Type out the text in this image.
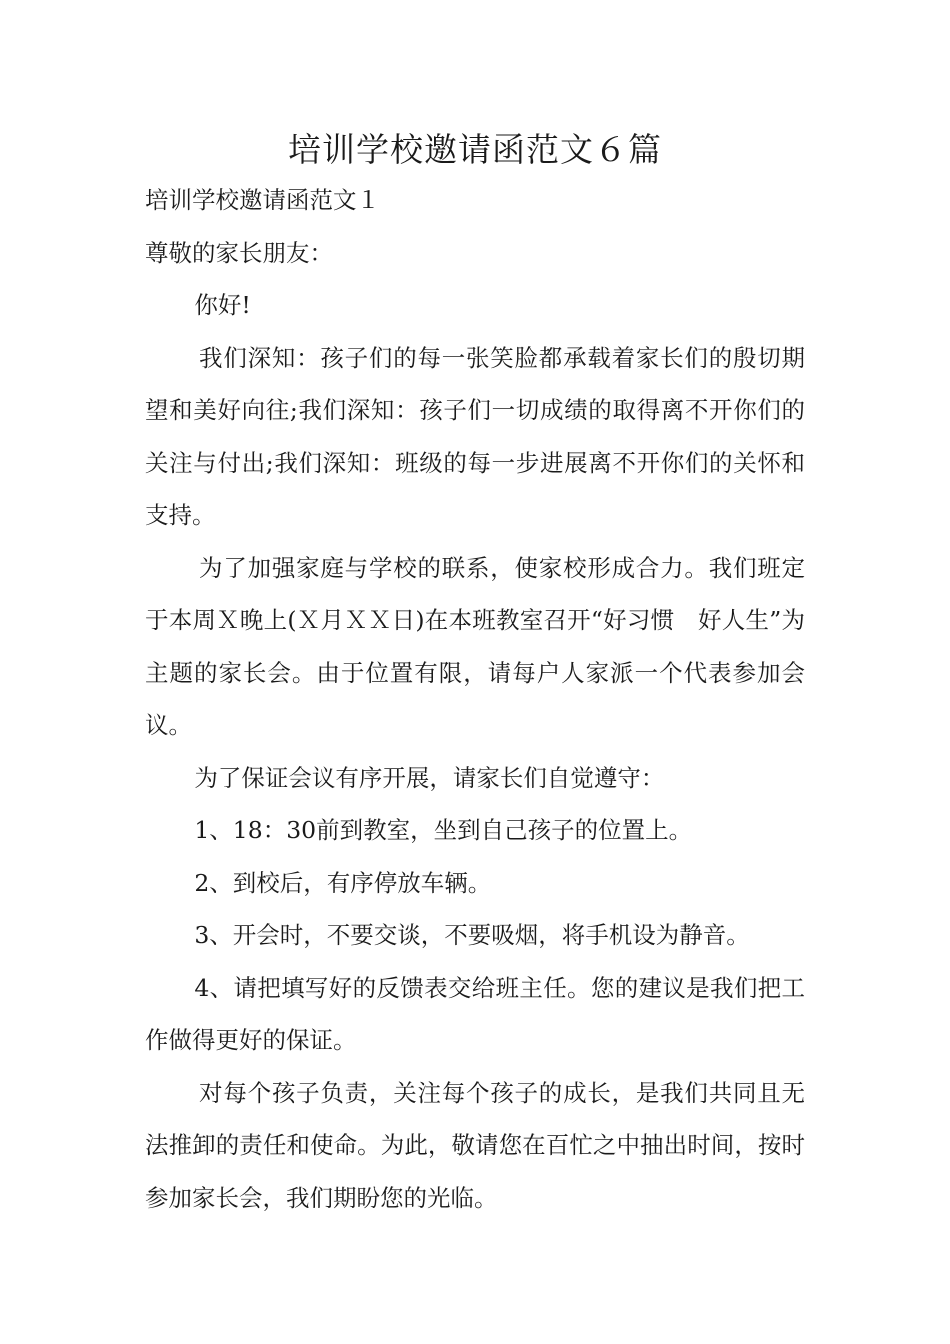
培训学校邀请函范文６篇

培训学校邀请函范文１

尊敬的家长朋友：

你好!

我们深知：孩子们的每一张笑脸都承载着家长们的殷切期望和美好向往;我们深知：孩子们一切成绩的取得离不开你们的关注与付出;我们深知：班级的每一步进展离不开你们的关怀和支持。

为了加强家庭与学校的联系，使家校形成合力。我们班定于本周Ｘ晚上(Ｘ月ＸＸ日)在本班教室召开“好习惯　好人生”为主题的家长会。由于位置有限，请每户人家派一个代表参加会议。

为了保证会议有序开展，请家长们自觉遵守：

1、18：30前到教室，坐到自己孩子的位置上。

2、到校后，有序停放车辆。

3、开会时，不要交谈，不要吸烟，将手机设为静音。

4、请把填写好的反馈表交给班主任。您的建议是我们把工作做得更好的保证。

对每个孩子负责，关注每个孩子的成长，是我们共同且无法推卸的责任和使命。为此，敬请您在百忙之中抽出时间，按时参加家长会，我们期盼您的光临。
